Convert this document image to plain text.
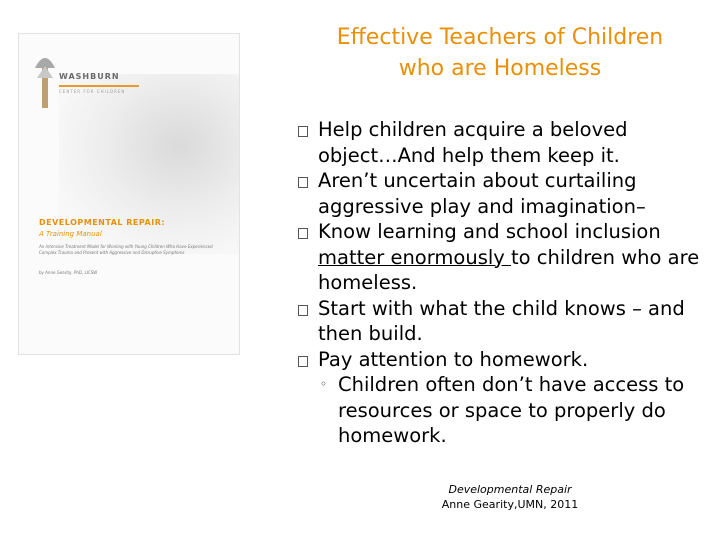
Effective Teachers of Children
who are Homeless
WASHBURN
CENTER FOR CHILDREN
DEVELOPMENTAL REPAIR:
A Training Manual
An Intensive Treatment Model for Working with Young Children Who Have Experienced Complex Trauma and Present with Aggressive and Disruptive Symptoms
by Anne Gearity, PhD, LICSW
Help children acquire a beloved object…And help them keep it.
Aren’t uncertain about curtailing aggressive play and imagination–
Know learning and school inclusion matter enormously to children who are homeless.
Start with what the child knows – and then build.
Pay attention to homework.
◦ Children often don’t have access to resources or space to properly do homework.
Developmental Repair
Anne Gearity,UMN, 2011
